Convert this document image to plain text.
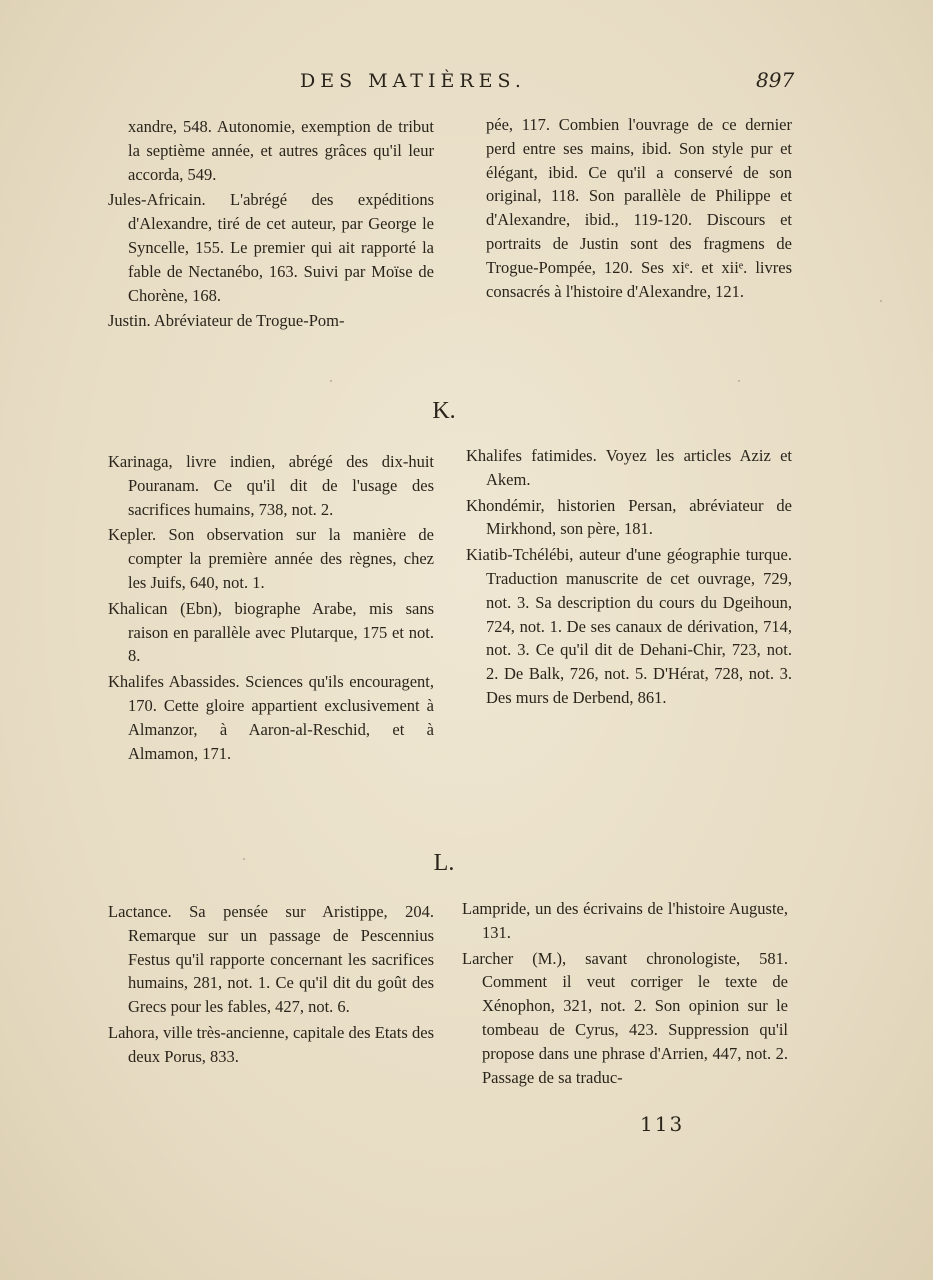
DES MATIÈRES.	897

xandre, 548. Autonomie, exemption de tribut la septième année, et autres grâces qu'il leur accorda, 549.

Jules-Africain. L'abrégé des expéditions d'Alexandre, tiré de cet auteur, par George le Syncelle, 155. Le premier qui ait rapporté la fable de Nectanébo, 163. Suivi par Moïse de Chorène, 168.

Justin. Abréviateur de Trogue-Pom-

pée, 117. Combien l'ouvrage de ce dernier perd entre ses mains, ibid. Son style pur et élégant, ibid. Ce qu'il a conservé de son original, 118. Son parallèle de Philippe et d'Alexandre, ibid., 119-120. Discours et portraits de Justin sont des fragmens de Trogue-Pompée, 120. Ses xiᵉ. et xiiᵉ. livres consacrés à l'histoire d'Alexandre, 121.

K.

Karinaga, livre indien, abrégé des dix-huit Pouranam. Ce qu'il dit de l'usage des sacrifices humains, 738, not. 2.

Kepler. Son observation sur la manière de compter la première année des règnes, chez les Juifs, 640, not. 1.

Khalican (Ebn), biographe Arabe, mis sans raison en parallèle avec Plutarque, 175 et not. 8.

Khalifes Abassides. Sciences qu'ils encouragent, 170. Cette gloire appartient exclusivement à Almanzor, à Aaron-al-Reschid, et à Almamon, 171.

Khalifes fatimides. Voyez les articles Aziz et Akem.

Khondémir, historien Persan, abréviateur de Mirkhond, son père, 181.

Kiatib-Tchélébi, auteur d'une géographie turque. Traduction manuscrite de cet ouvrage, 729, not. 3. Sa description du cours du Dgeihoun, 724, not. 1. De ses canaux de dérivation, 714, not. 3. Ce qu'il dit de Dehani-Chir, 723, not. 2. De Balk, 726, not. 5. D'Hérat, 728, not. 3. Des murs de Derbend, 861.

L.

Lactance. Sa pensée sur Aristippe, 204. Remarque sur un passage de Pescennius Festus qu'il rapporte concernant les sacrifices humains, 281, not. 1. Ce qu'il dit du goût des Grecs pour les fables, 427, not. 6.

Lahora, ville très-ancienne, capitale des Etats des deux Porus, 833.

Lampride, un des écrivains de l'histoire Auguste, 131.

Larcher (M.), savant chronologiste, 581. Comment il veut corriger le texte de Xénophon, 321, not. 2. Son opinion sur le tombeau de Cyrus, 423. Suppression qu'il propose dans une phrase d'Arrien, 447, not. 2. Passage de sa traduc-

113
